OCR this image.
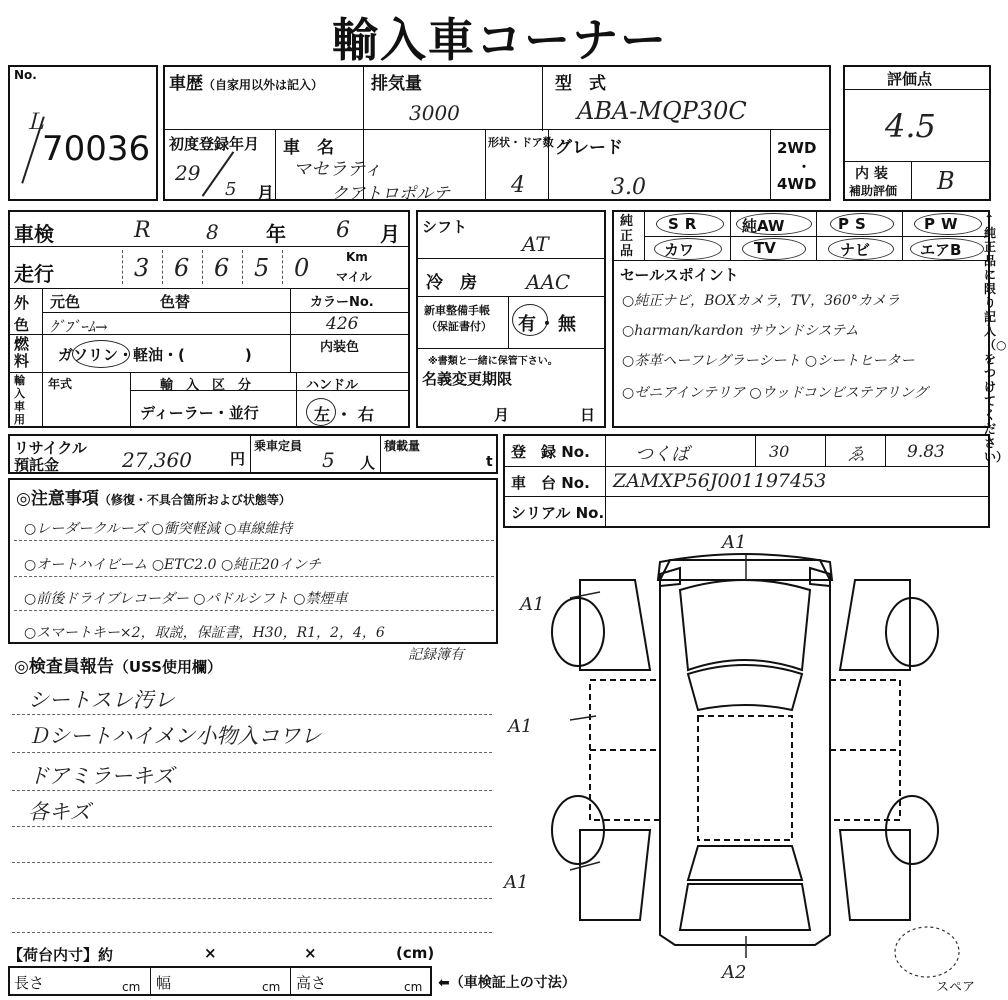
輸入車コーナー
No.
Ｌ
70036
車歴（自家用以外は記入）	排気量
3000
型　式
ABA-MQP30C
初度登録年月
29
5 月
車　名
マセラティ
クアトロポルテ
形状・ドア数
4
グレード
3.0
2WD
・
4WD
評価点
4.5
内 装
補助評価 B
車検	R	8 年 6 月
走行	3 6 6 5 0	Km
マイル
外色
元色	色替
ｸﾞﾌﾞｰﾑ→
カラーNo.
426
内装色
燃料	ガソリン・軽油・(　　　　)
輸入車用
年式	輸　入　区　分
ディーラー・並行
ハンドル
左・右
シフト
AT
冷　房 AAC
新車整備手帳
（保証書付） 有・無
※書類と一緒に保管下さい。
名義変更期限
月	日
純正品
SR	純AW	PS	PW
カワ	TV	ナビ	エアB
セールスポイント
○純正ナビ，BOXカメラ，TV，360°カメラ
○harman/kardon サウンドシステム
○茶革ヘーフレグラーシート ○シートヒーター
○ゼニアインテリア ○ウッドコンビステアリング
↑純正品に限り記入（○をつけてください）
リサイクル
預託金	27,360	円
乗車定員
5 人
積載量
t
登　録 No.	つくば	30	ゑ 9.83
車　台 No. ZAMXP56J001197453
シリアル No.
◎注意事項（修復・不具合箇所および状態等）
○レーダークルーズ ○衝突軽減 ○車線維持
○オートハイビーム ○ETC2.0 ○純正20インチ
○前後ドライブレコーダー ○パドルシフト ○禁煙車
○スマートキー×2，取説，保証書，H30，R1，2，4，6
記録簿有
◎検査員報告（USS使用欄）
シートスレ汚レ
Ｄシートハイメン小物入コワレ
ドアミラーキズ
各キズ
A1
A1
A1
A1
A2
スペア
【荷台内寸】約	×	×	(cm)
長さ	cm 幅	cm 高さ	cm ⬅（車検証上の寸法）
